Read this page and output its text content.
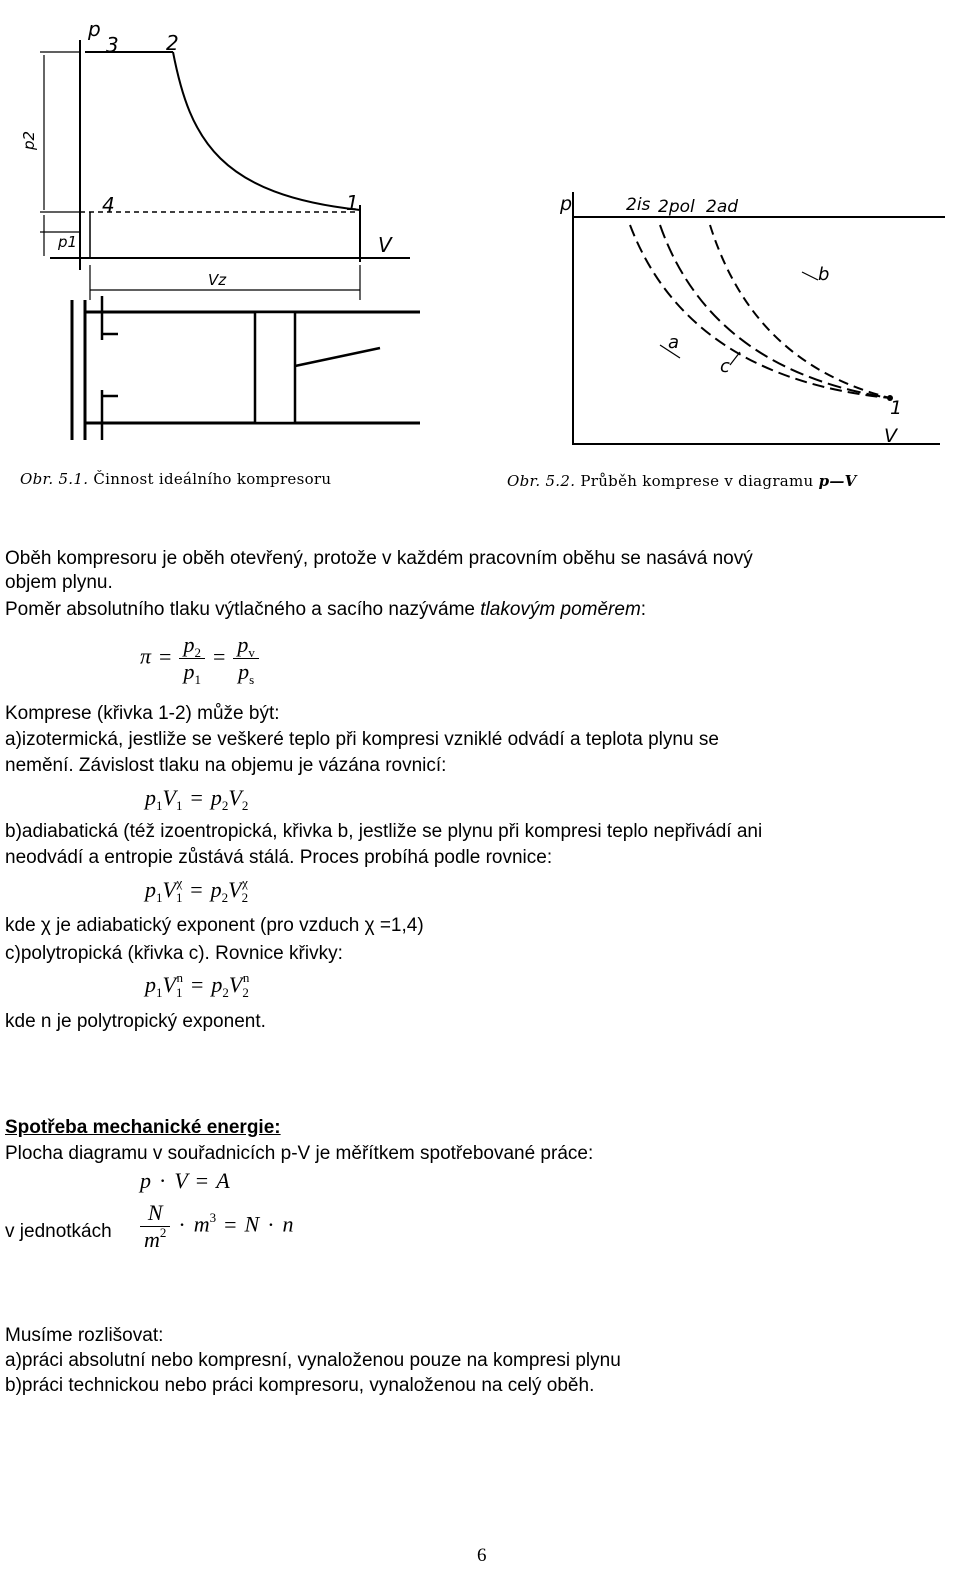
p
3 2
p2
4	1
p1	V
Vz
Obr. 5.1. Činnost ideálního kompresoru
p	2is 2pol 2ad
b
a
c
1
V
Obr. 5.2. Průběh komprese v diagramu p—V
Oběh kompresoru je oběh otevřený, protože v každém pracovním oběhu se nasává nový
objem plynu.
Poměr absolutního tlaku výtlačného a sacího nazýváme tlakovým poměrem:
$\pi = \frac{p_2}{p_1} = \frac{p_v}{p_s}$
Komprese (křivka 1-2) může být:
a)izotermická, jestliže se veškeré teplo při kompresi vzniklé odvádí a teplota plynu se
nemění. Závislost tlaku na objemu je vázána rovnicí:
$p_1V_1 = p_2V_2$
b)adiabatická (též izoentropická, křivka b, jestliže se plynu při kompresi teplo nepřivádí ani
neodvádí a entropie zůstává stálá. Proces probíhá podle rovnice:
$p_1V_1^\chi = p_2V_2^\chi$
kde χ je adiabatický exponent (pro vzduch χ =1,4)
c)polytropická (křivka c). Rovnice křivky:
$p_1V_1^n = p_2V_2^n$
kde n je polytropický exponent.
Spotřeba mechanické energie:
Plocha diagramu v souřadnicích p-V je měřítkem spotřebované práce:
p · V = A
v jednotkách $\frac{N}{m^2} \cdot m^3 = N \cdot n$
Musíme rozlišovat:
a)práci absolutní nebo kompresní, vynaloženou pouze na kompresi plynu
b)práci technickou nebo práci kompresoru, vynaloženou na celý oběh.
6
